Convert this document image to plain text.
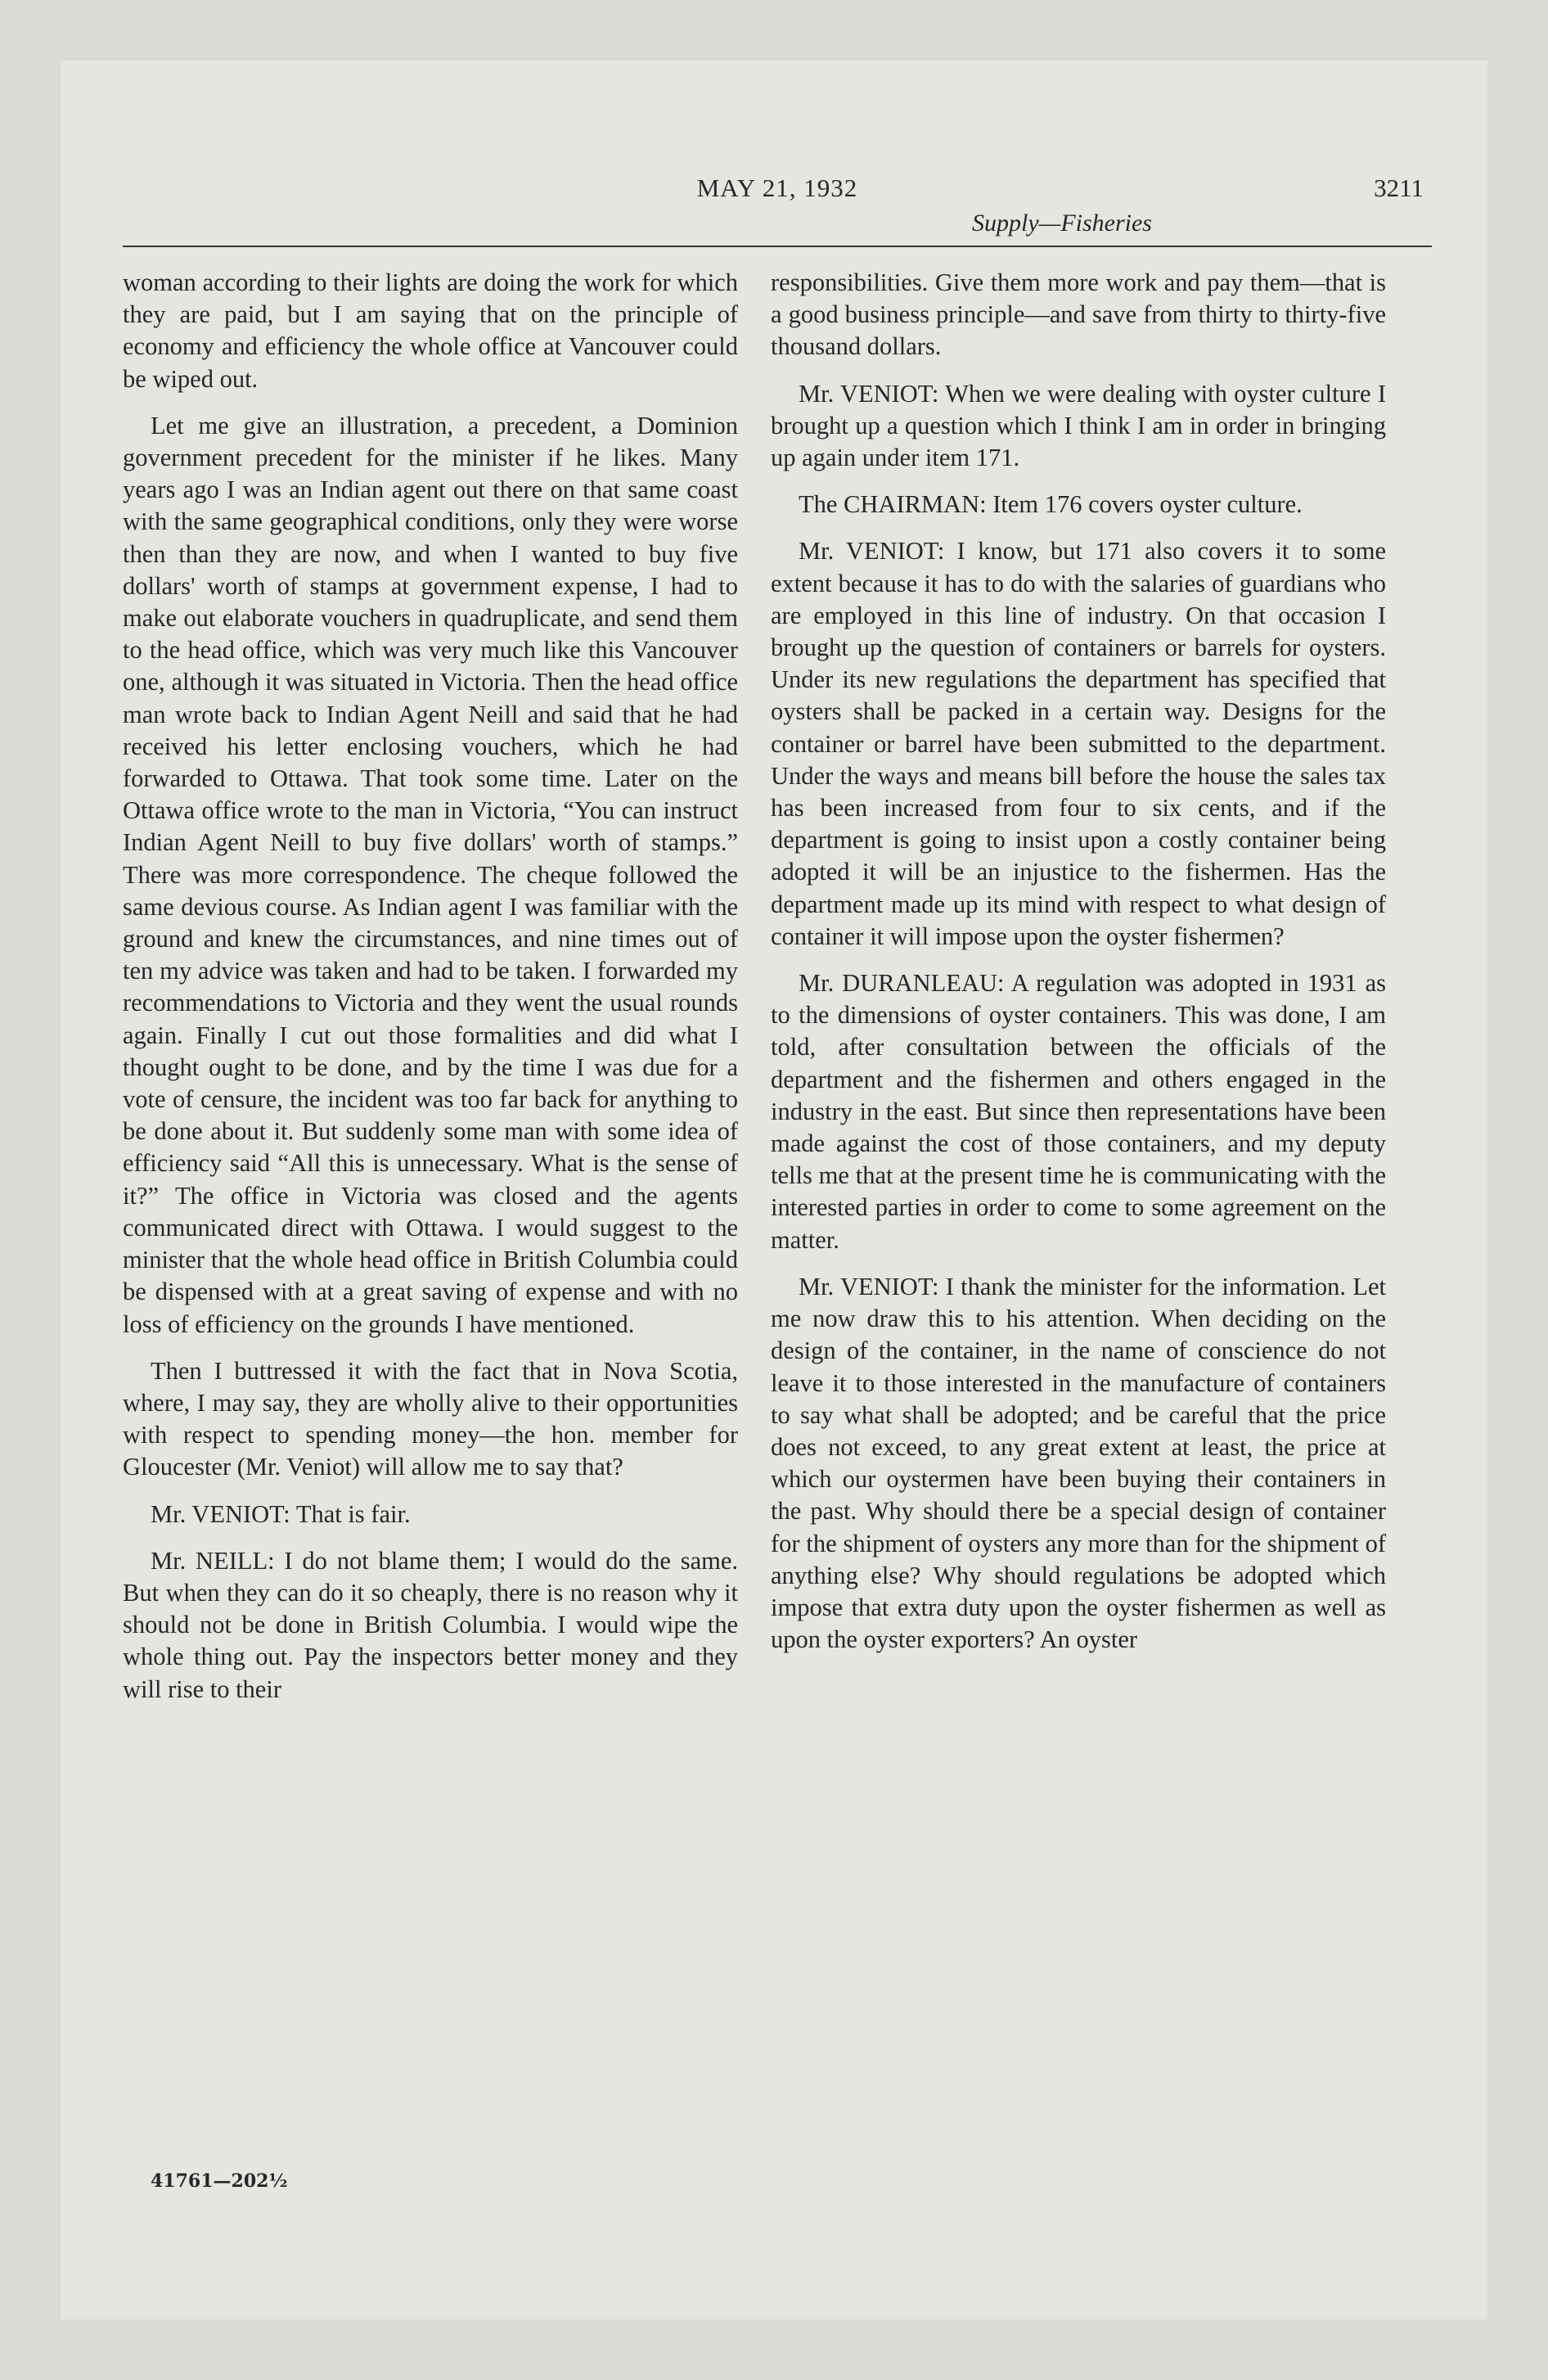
MAY 21, 1932	3211
Supply—Fisheries

woman according to their lights are doing the work for which they are paid, but I am saying that on the principle of economy and efficiency the whole office at Vancouver could be wiped out.

Let me give an illustration, a precedent, a Dominion government precedent for the minister if he likes. Many years ago I was an Indian agent out there on that same coast with the same geographical conditions, only they were worse then than they are now, and when I wanted to buy five dollars' worth of stamps at government expense, I had to make out elaborate vouchers in quadruplicate, and send them to the head office, which was very much like this Vancouver one, although it was situated in Victoria. Then the head office man wrote back to Indian Agent Neill and said that he had received his letter enclosing vouchers, which he had forwarded to Ottawa. That took some time. Later on the Ottawa office wrote to the man in Victoria, “You can instruct Indian Agent Neill to buy five dollars' worth of stamps.” There was more correspondence. The cheque followed the same devious course. As Indian agent I was familiar with the ground and knew the circumstances, and nine times out of ten my advice was taken and had to be taken. I forwarded my recommendations to Victoria and they went the usual rounds again. Finally I cut out those formalities and did what I thought ought to be done, and by the time I was due for a vote of censure, the incident was too far back for anything to be done about it. But suddenly some man with some idea of efficiency said “All this is unnecessary. What is the sense of it?” The office in Victoria was closed and the agents communicated direct with Ottawa. I would suggest to the minister that the whole head office in British Columbia could be dispensed with at a great saving of expense and with no loss of efficiency on the grounds I have mentioned.

Then I buttressed it with the fact that in Nova Scotia, where, I may say, they are wholly alive to their opportunities with respect to spending money—the hon. member for Gloucester (Mr. Veniot) will allow me to say that?

Mr. VENIOT: That is fair.

Mr. NEILL: I do not blame them; I would do the same. But when they can do it so cheaply, there is no reason why it should not be done in British Columbia. I would wipe the whole thing out. Pay the inspectors better money and they will rise to their

responsibilities. Give them more work and pay them—that is a good business principle—and save from thirty to thirty-five thousand dollars.

Mr. VENIOT: When we were dealing with oyster culture I brought up a question which I think I am in order in bringing up again under item 171.

The CHAIRMAN: Item 176 covers oyster culture.

Mr. VENIOT: I know, but 171 also covers it to some extent because it has to do with the salaries of guardians who are employed in this line of industry. On that occasion I brought up the question of containers or barrels for oysters. Under its new regulations the department has specified that oysters shall be packed in a certain way. Designs for the container or barrel have been submitted to the department. Under the ways and means bill before the house the sales tax has been increased from four to six cents, and if the department is going to insist upon a costly container being adopted it will be an injustice to the fishermen. Has the department made up its mind with respect to what design of container it will impose upon the oyster fishermen?

Mr. DURANLEAU: A regulation was adopted in 1931 as to the dimensions of oyster containers. This was done, I am told, after consultation between the officials of the department and the fishermen and others engaged in the industry in the east. But since then representations have been made against the cost of those containers, and my deputy tells me that at the present time he is communicating with the interested parties in order to come to some agreement on the matter.

Mr. VENIOT: I thank the minister for the information. Let me now draw this to his attention. When deciding on the design of the container, in the name of conscience do not leave it to those interested in the manufacture of containers to say what shall be adopted; and be careful that the price does not exceed, to any great extent at least, the price at which our oystermen have been buying their containers in the past. Why should there be a special design of container for the shipment of oysters any more than for the shipment of anything else? Why should regulations be adopted which impose that extra duty upon the oyster fishermen as well as upon the oyster exporters? An oyster

41761—202½
